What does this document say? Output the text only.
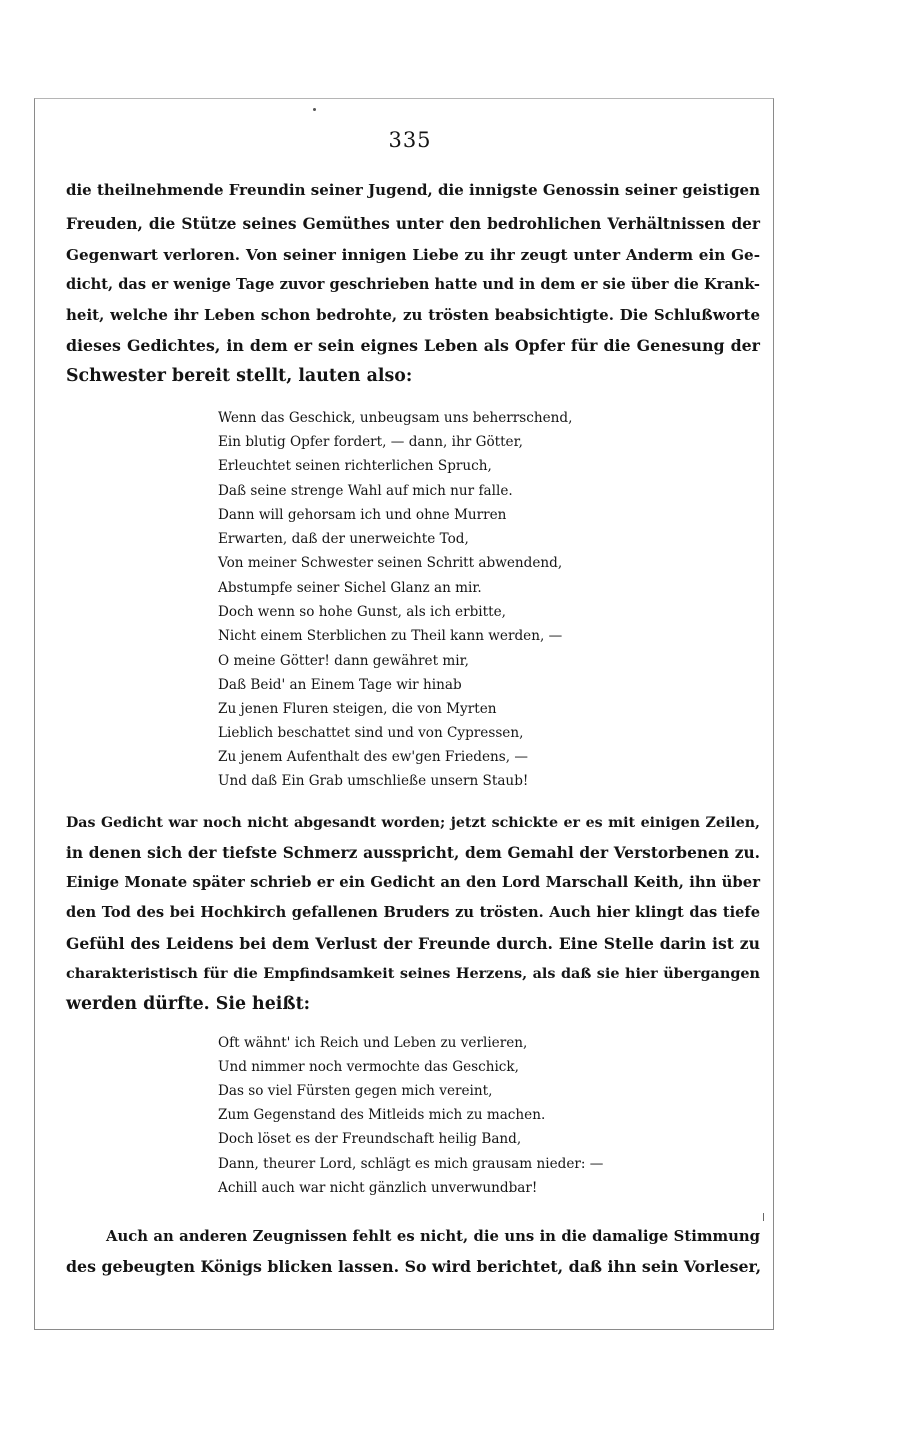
335
die theilnehmende Freundin seiner Jugend, die innigste Genossin seiner geistigen
Freuden, die Stütze seines Gemüthes unter den bedrohlichen Verhältnissen der
Gegenwart verloren. Von seiner innigen Liebe zu ihr zeugt unter Anderm ein Ge-
dicht, das er wenige Tage zuvor geschrieben hatte und in dem er sie über die Krank-
heit, welche ihr Leben schon bedrohte, zu trösten beabsichtigte. Die Schlußworte
dieses Gedichtes, in dem er sein eignes Leben als Opfer für die Genesung der
Schwester bereit stellt, lauten also:
Wenn das Geschick, unbeugsam uns beherrschend,
Ein blutig Opfer fordert, — dann, ihr Götter,
Erleuchtet seinen richterlichen Spruch,
Daß seine strenge Wahl auf mich nur falle.
Dann will gehorsam ich und ohne Murren
Erwarten, daß der unerweichte Tod,
Von meiner Schwester seinen Schritt abwendend,
Abstumpfe seiner Sichel Glanz an mir.
Doch wenn so hohe Gunst, als ich erbitte,
Nicht einem Sterblichen zu Theil kann werden, —
O meine Götter! dann gewähret mir,
Daß Beid' an Einem Tage wir hinab
Zu jenen Fluren steigen, die von Myrten
Lieblich beschattet sind und von Cypressen,
Zu jenem Aufenthalt des ew'gen Friedens, —
Und daß Ein Grab umschließe unsern Staub!
Das Gedicht war noch nicht abgesandt worden; jetzt schickte er es mit einigen Zeilen,
in denen sich der tiefste Schmerz ausspricht, dem Gemahl der Verstorbenen zu.
Einige Monate später schrieb er ein Gedicht an den Lord Marschall Keith, ihn über
den Tod des bei Hochkirch gefallenen Bruders zu trösten. Auch hier klingt das tiefe
Gefühl des Leidens bei dem Verlust der Freunde durch. Eine Stelle darin ist zu
charakteristisch für die Empfindsamkeit seines Herzens, als daß sie hier übergangen
werden dürfte. Sie heißt:
Oft wähnt' ich Reich und Leben zu verlieren,
Und nimmer noch vermochte das Geschick,
Das so viel Fürsten gegen mich vereint,
Zum Gegenstand des Mitleids mich zu machen.
Doch löset es der Freundschaft heilig Band,
Dann, theurer Lord, schlägt es mich grausam nieder: —
Achill auch war nicht gänzlich unverwundbar!
Auch an anderen Zeugnissen fehlt es nicht, die uns in die damalige Stimmung
des gebeugten Königs blicken lassen. So wird berichtet, daß ihn sein Vorleser,
